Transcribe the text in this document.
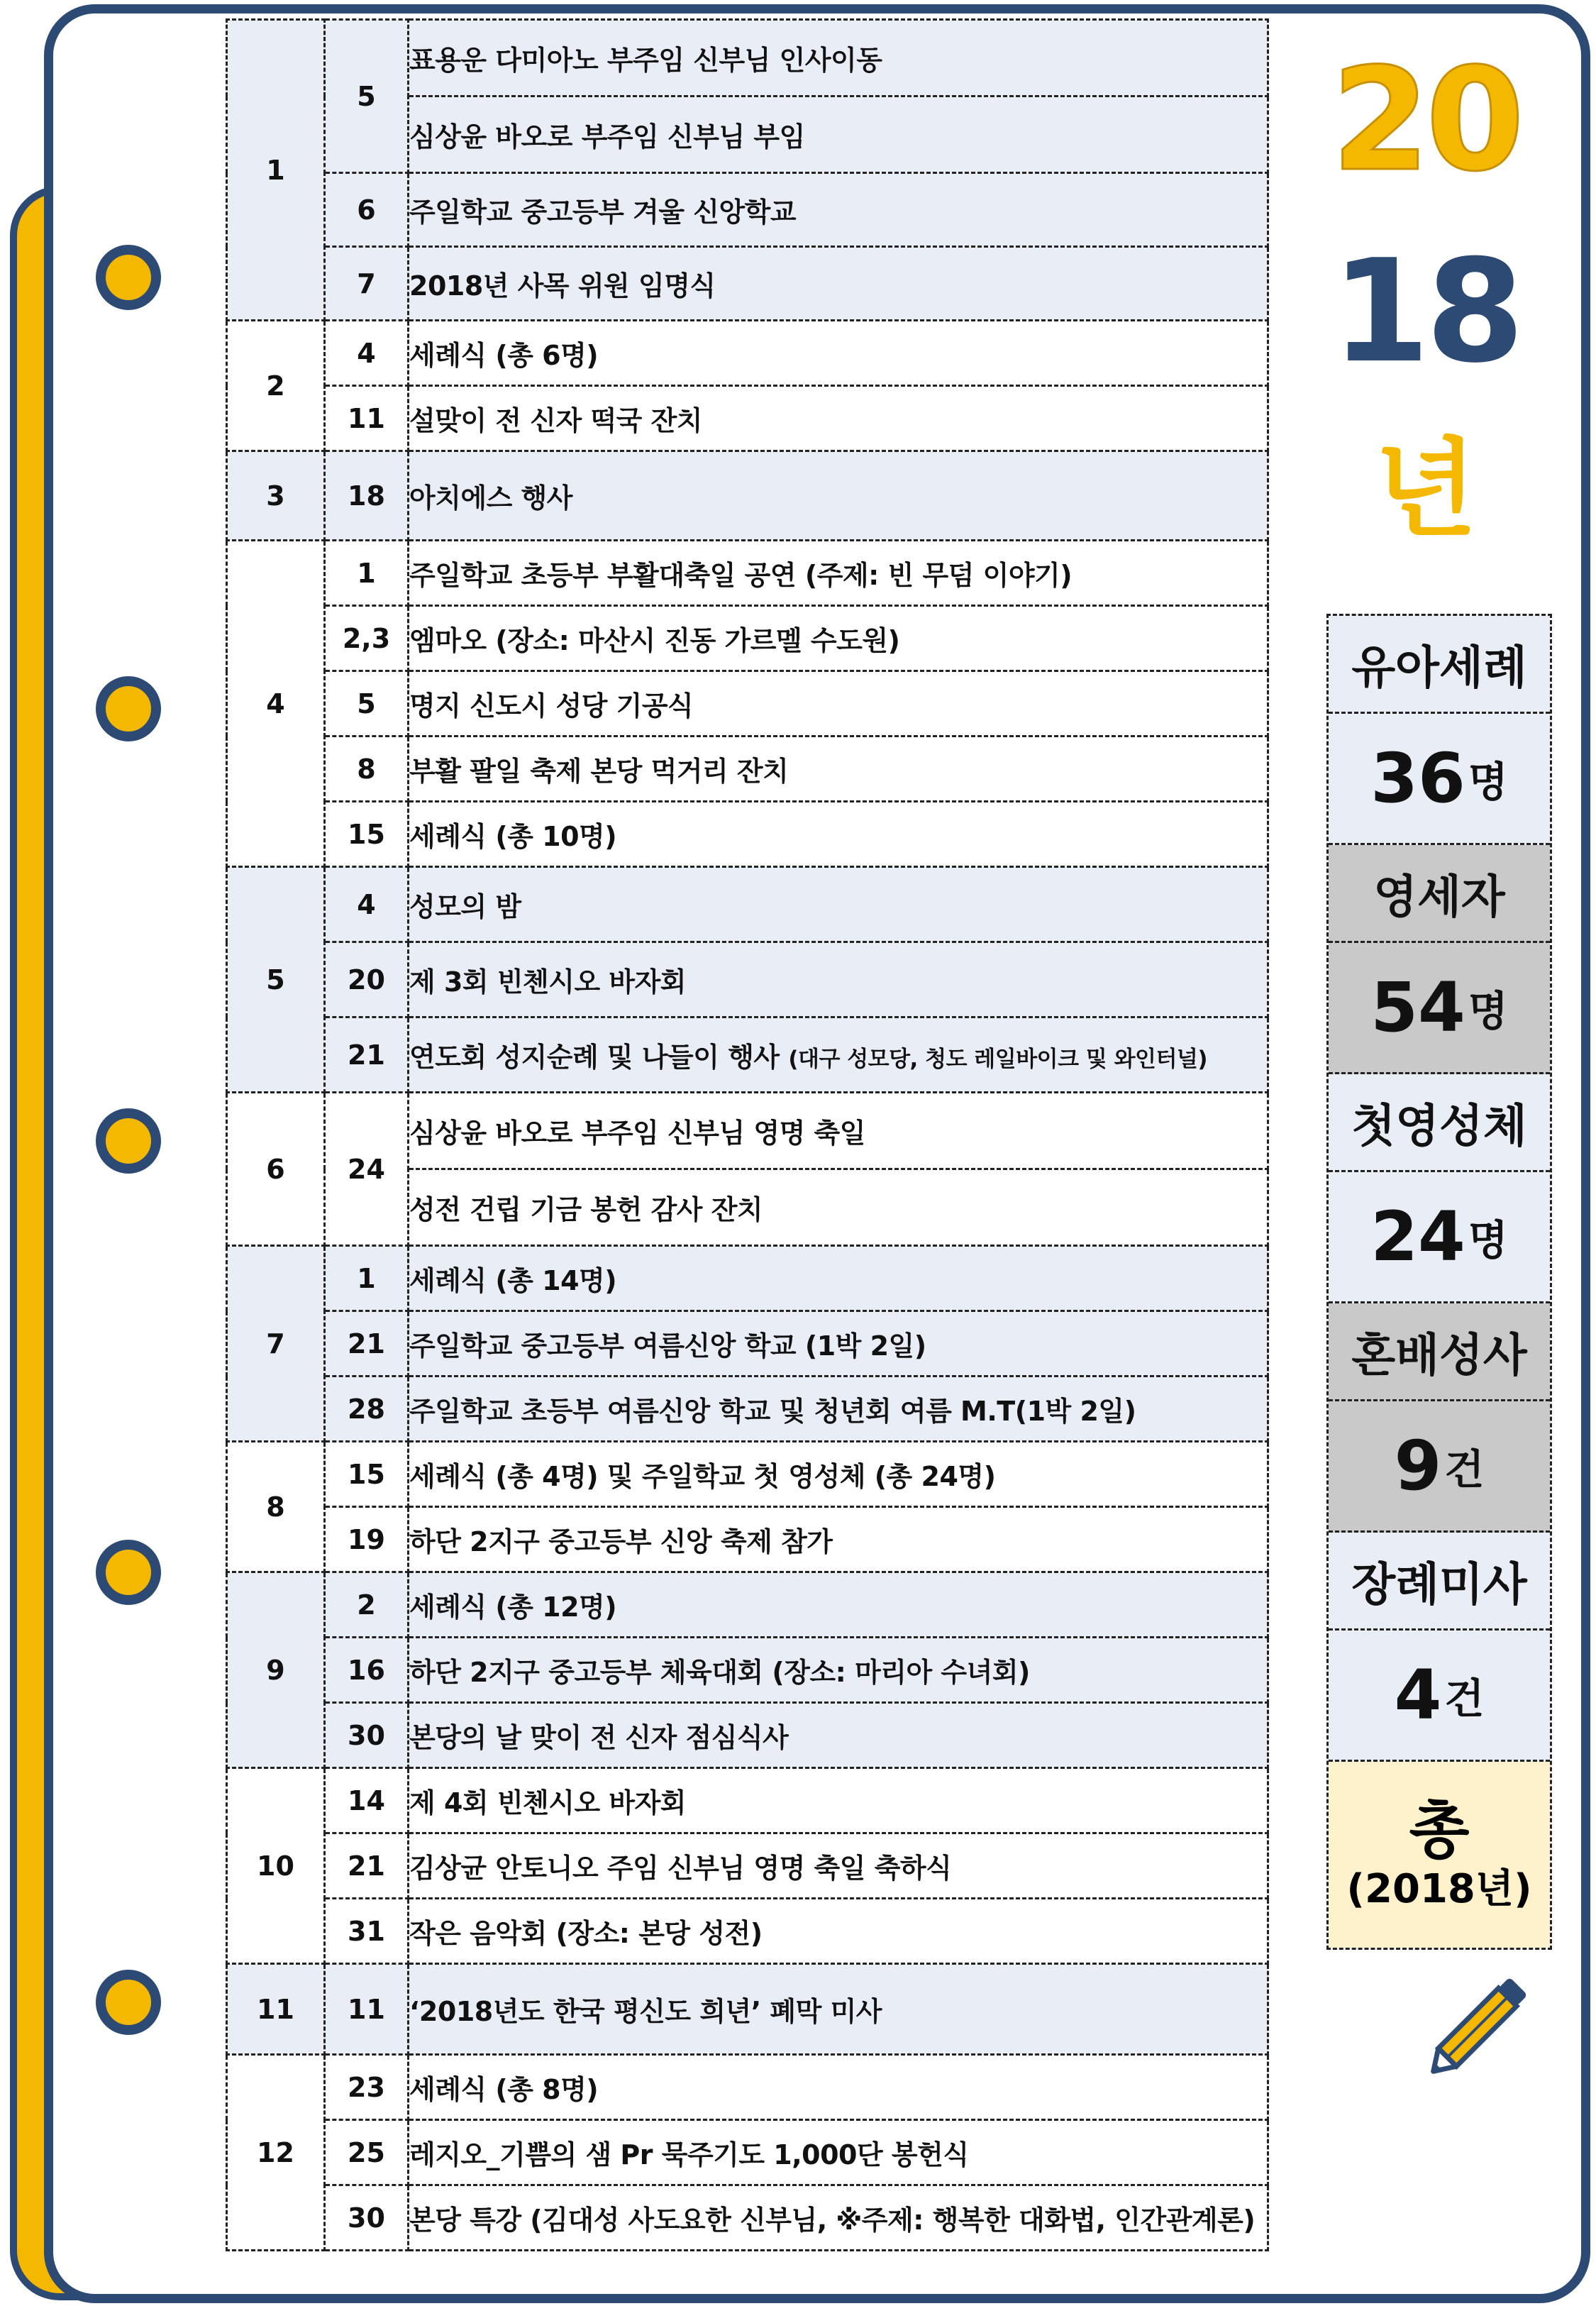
1	5	표용운 다미아노 부주임 신부님 인사이동
		심상윤 바오로 부주임 신부님 부임
	6	주일학교 중고등부 겨울 신앙학교
	7	2018년 사목 위원 임명식
2	4	세례식 (총 6명)
	11	설맞이 전 신자 떡국 잔치
3	18	아치에스 행사
4	1	주일학교 초등부 부활대축일 공연 (주제: 빈 무덤 이야기)
	2,3	엠마오 (장소: 마산시 진동 가르멜 수도원)
	5	명지 신도시 성당 기공식
	8	부활 팔일 축제 본당 먹거리 잔치
	15	세례식 (총 10명)
5	4	성모의 밤
	20	제 3회 빈첸시오 바자회
	21	연도회 성지순례 및 나들이 행사 (대구 성모당, 청도 레일바이크 및 와인터널)
6	24	심상윤 바오로 부주임 신부님 영명 축일
		성전 건립 기금 봉헌 감사 잔치
7	1	세례식 (총 14명)
	21	주일학교 중고등부 여름신앙 학교 (1박 2일)
	28	주일학교 초등부 여름신앙 학교 및 청년회 여름 M.T(1박 2일)
8	15	세례식 (총 4명) 및 주일학교 첫 영성체 (총 24명)
	19	하단 2지구 중고등부 신앙 축제 참가
9	2	세례식 (총 12명)
	16	하단 2지구 중고등부 체육대회 (장소: 마리아 수녀회)
	30	본당의 날 맞이 전 신자 점심식사
10	14	제 4회 빈첸시오 바자회
	21	김상균 안토니오 주임 신부님 영명 축일 축하식
	31	작은 음악회 (장소: 본당 성전)
11	11	‘2018년도 한국 평신도 희년’ 폐막 미사
12	23	세례식 (총 8명)
	25	레지오_기쁨의 샘 Pr 묵주기도 1,000단 봉헌식
	30	본당 특강 (김대성 사도요한 신부님, ※주제: 행복한 대화법, 인간관계론)
20
18
년
유아세례
36 명
영세자
54 명
첫영성체
24 명
혼배성사
9 건
장례미사
4 건
총
(2018년)
